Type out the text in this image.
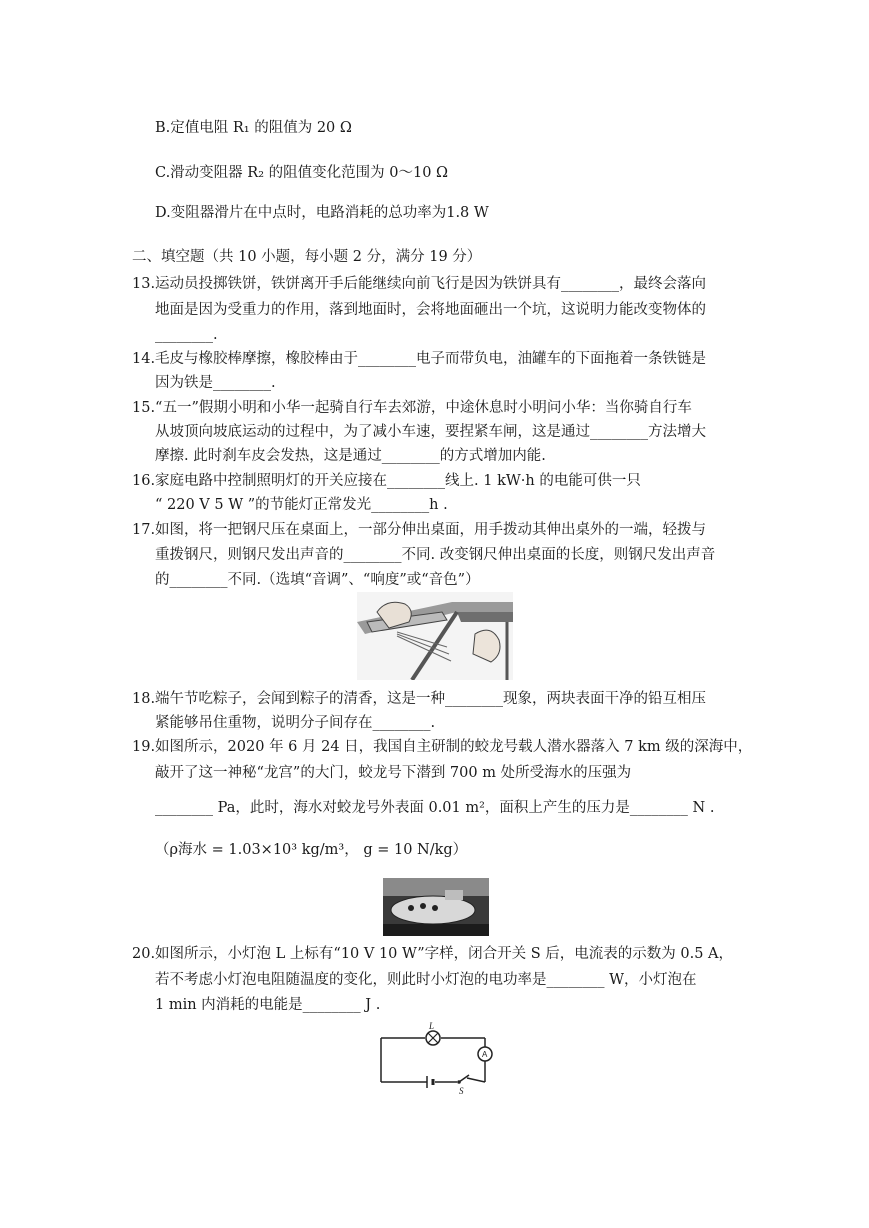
B.定值电阻 R₁ 的阻值为 20 Ω
C.滑动变阻器 R₂ 的阻值变化范围为 0～10 Ω
D.变阻器滑片在中点时，电路消耗的总功率为1.8 W
二、填空题（共 10 小题，每小题 2 分，满分 19 分）
13.运动员投掷铁饼，铁饼离开手后能继续向前飞行是因为铁饼具有________，最终会落向
地面是因为受重力的作用，落到地面时，会将地面砸出一个坑，这说明力能改变物体的
________.
14.毛皮与橡胶棒摩擦，橡胶棒由于________电子而带负电，油罐车的下面拖着一条铁链是
因为铁是________.
15.“五一”假期小明和小华一起骑自行车去郊游，中途休息时小明问小华：当你骑自行车
从坡顶向坡底运动的过程中，为了减小车速，要捏紧车闸，这是通过________方法增大
摩擦. 此时刹车皮会发热，这是通过________的方式增加内能.
16.家庭电路中控制照明灯的开关应接在________线上. 1 kW·h 的电能可供一只
“ 220 V 5 W ”的节能灯正常发光________h .
17.如图，将一把钢尺压在桌面上，一部分伸出桌面，用手拨动其伸出桌外的一端，轻拨与
重拨钢尺，则钢尺发出声音的________不同. 改变钢尺伸出桌面的长度，则钢尺发出声音
的________不同.（选填“音调”、“响度”或“音色”）
18.端午节吃粽子，会闻到粽子的清香，这是一种________现象，两块表面干净的铅互相压
紧能够吊住重物，说明分子间存在________.
19.如图所示，2020 年 6 月 24 日，我国自主研制的蛟龙号载人潜水器落入 7 km 级的深海中，
敲开了这一神秘“龙宫”的大门，蛟龙号下潜到 700 m 处所受海水的压强为
________ Pa，此时，海水对蛟龙号外表面 0.01 m²，面积上产生的压力是________ N .
（ρ海水 = 1.03×10³ kg/m³， g = 10 N/kg）
20.如图所示，小灯泡 L 上标有“10 V 10 W”字样，闭合开关 S 后，电流表的示数为 0.5 A，
若不考虑小灯泡电阻随温度的变化，则此时小灯泡的电功率是________ W，小灯泡在
1 min 内消耗的电能是________ J .
L
A
S
